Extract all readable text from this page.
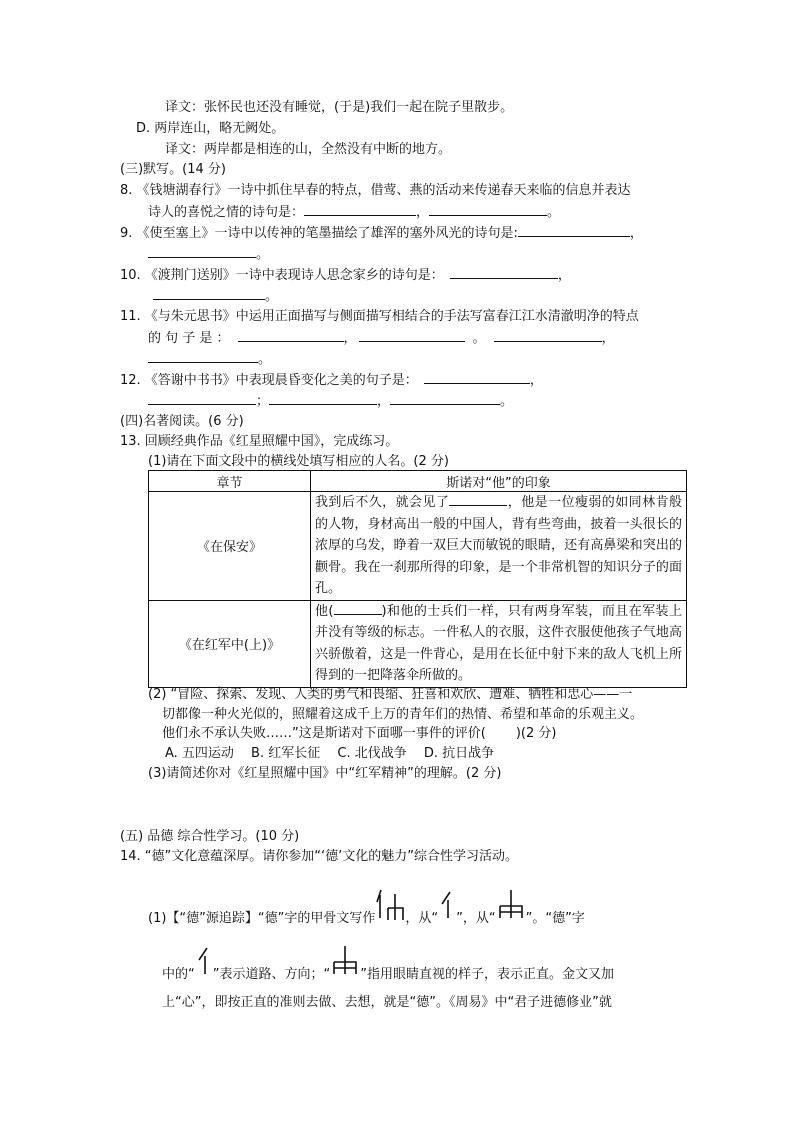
译文：张怀民也还没有睡觉，(于是)我们一起在院子里散步。
D. 两岸连山，略无阙处。
译文：两岸都是相连的山，全然没有中断的地方。
(三)默写。(14 分)
8. 《钱塘湖春行》一诗中抓住早春的特点，借莺、燕的活动来传递春天来临的信息并表达
诗人的喜悦之情的诗句是：	，	。
9. 《使至塞上》一诗中以传神的笔墨描绘了雄浑的塞外风光的诗句是:	，
。
10. 《渡荆门送别》一诗中表现诗人思念家乡的诗句是：	，
。
11. 《与朱元思书》中运用正面描写与侧面描写相结合的手法写富春江江水清澈明净的特点
的 句 子 是 ：	，	。	，
。
12. 《答谢中书书》中表现晨昏变化之美的句子是：	，
；	，	。
(四)名著阅读。(6 分)
13. 回顾经典作品《红星照耀中国》，完成练习。
(1)请在下面文段中的横线处填写相应的人名。(2 分)
章节	斯诺对“他”的印象
《在保安》	我到后不久，就会见了 ，他是一位瘦弱的如同林肯般的人物，身材高出一般的中国人，背有些弯曲，披着一头很长的浓厚的乌发，睁着一双巨大而敏锐的眼睛，还有高鼻梁和突出的颧骨。我在一刹那所得的印象，是一个非常机智的知识分子的面孔。
《在红军中(上)》	他( )和他的士兵们一样，只有两身军装，而且在军装上并没有等级的标志。一件私人的衣服，这件衣服使他孩子气地高兴骄傲着，这是一件背心，是用在长征中射下来的敌人飞机上所得到的一把降落伞所做的。
(2) “冒险、探索、发现、人类的勇气和畏缩、狂喜和欢欣、遭难、牺牲和忠心——一
切都像一种火光似的，照耀着这成千上万的青年们的热情、希望和革命的乐观主义。
他们永不承认失败……”这是斯诺对下面哪一事件的评价( )(2 分)
A. 五四运动　 B. 红军长征　 C. 北伐战争　 D. 抗日战争
(3)请简述你对《红星照耀中国》中“红军精神”的理解。(2 分)
(五) 品德 综合性学习。(10 分)
14. “德”文化意蕴深厚。请你参加“‘德’文化的魅力”综合性学习活动。
(1)【“德”源追踪】“德”字的甲骨文写作 ，从“ ”，从“ ”。“德”字
中的“ ”表示道路、方向；“ ”指用眼睛直视的样子，表示正直。金文又加
上“心”，即按正直的准则去做、去想，就是“德”。《周易》中“君子进德修业”就
